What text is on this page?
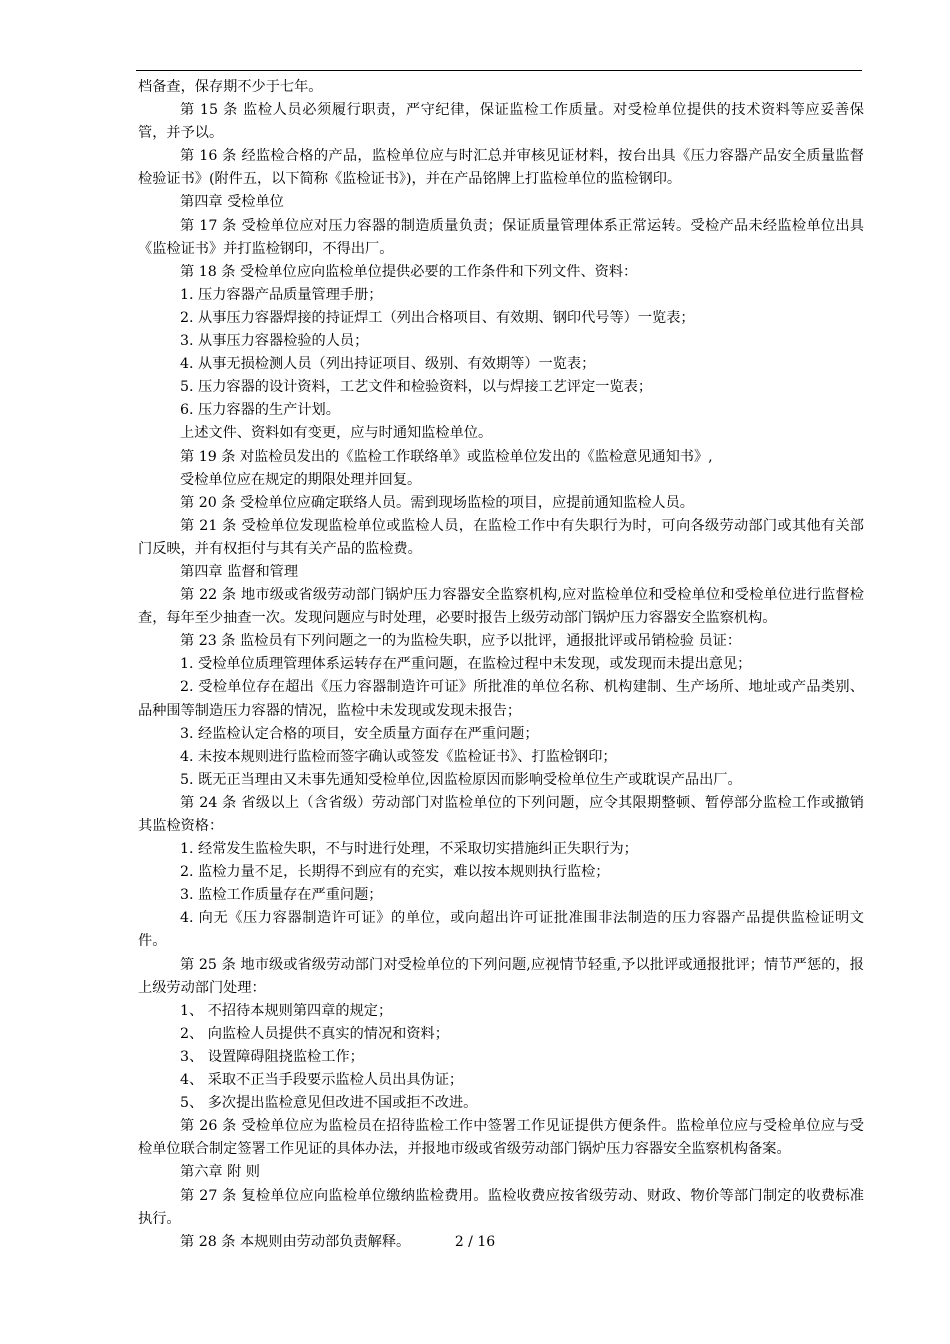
档备查，保存期不少于七年。

第 15 条 监检人员必须履行职责，严守纪律，保证监检工作质量。对受检单位提供的技术资料等应妥善保管，并予以。

第 16 条 经监检合格的产品，监检单位应与时汇总并审核见证材料，按台出具《压力容器产品安全质量监督检验证书》(附件五，以下简称《监检证书》)，并在产品铭牌上打监检单位的监检钢印。

第四章 受检单位

第 17 条 受检单位应对压力容器的制造质量负责；保证质量管理体系正常运转。受检产品未经监检单位出具《监检证书》并打监检钢印，不得出厂。

第 18 条 受检单位应向监检单位提供必要的工作条件和下列文件、资料：

1. 压力容器产品质量管理手册；

2. 从事压力容器焊接的持证焊工（列出合格项目、有效期、钢印代号等）一览表；

3. 从事压力容器检验的人员；

4. 从事无损检测人员（列出持证项目、级别、有效期等）一览表；

5. 压力容器的设计资料，工艺文件和检验资料，以与焊接工艺评定一览表；

6. 压力容器的生产计划。

上述文件、资料如有变更，应与时通知监检单位。

第 19 条 对监检员发出的《监检工作联络单》或监检单位发出的《监检意见通知书》,

受检单位应在规定的期限处理并回复。

第 20 条 受检单位应确定联络人员。需到现场监检的项目，应提前通知监检人员。

第 21 条 受检单位发现监检单位或监检人员，在监检工作中有失职行为时，可向各级劳动部门或其他有关部门反映，并有权拒付与其有关产品的监检费。

第四章 监督和管理

第 22 条 地市级或省级劳动部门锅炉压力容器安全监察机构,应对监检单位和受检单位和受检单位进行监督检查，每年至少抽查一次。发现问题应与时处理，必要时报告上级劳动部门锅炉压力容器安全监察机构。

第 23 条 监检员有下列问题之一的为监检失职，应予以批评，通报批评或吊销检验 员证：

1. 受检单位质理管理体系运转存在严重问题，在监检过程中未发现，或发现而未提出意见；

2. 受检单位存在超出《压力容器制造许可证》所批准的单位名称、机构建制、生产场所、地址或产品类别、品种围等制造压力容器的情况，监检中未发现或发现未报告；

3. 经监检认定合格的项目，安全质量方面存在严重问题；

4. 未按本规则进行监检而签字确认或签发《监检证书》、打监检钢印；

5. 既无正当理由又未事先通知受检单位,因监检原因而影响受检单位生产或耽误产品出厂。

第 24 条 省级以上（含省级）劳动部门对监检单位的下列问题，应令其限期整顿、暂停部分监检工作或撤销其监检资格：

1. 经常发生监检失职，不与时进行处理，不采取切实措施纠正失职行为；

2. 监检力量不足，长期得不到应有的充实，难以按本规则执行监检；

3. 监检工作质量存在严重问题；

4. 向无《压力容器制造许可证》的单位，或向超出许可证批准围非法制造的压力容器产品提供监检证明文件。

第 25 条 地市级或省级劳动部门对受检单位的下列问题,应视情节轻重,予以批评或通报批评；情节严惩的，报上级劳动部门处理：

1、 不招待本规则第四章的规定；

2、 向监检人员提供不真实的情况和资料；

3、 设置障碍阻挠监检工作；

4、 采取不正当手段要示监检人员出具伪证；

5、 多次提出监检意见但改进不国或拒不改进。

第 26 条 受检单位应为监检员在招待监检工作中签署工作见证提供方便条件。监检单位应与受检单位应与受检单位联合制定签署工作见证的具体办法，并报地市级或省级劳动部门锅炉压力容器安全监察机构备案。

第六章 附 则

第 27 条 复检单位应向监检单位缴纳监检费用。监检收费应按省级劳动、财政、物价等部门制定的收费标准执行。

第 28 条 本规则由劳动部负责解释。	2 / 16
